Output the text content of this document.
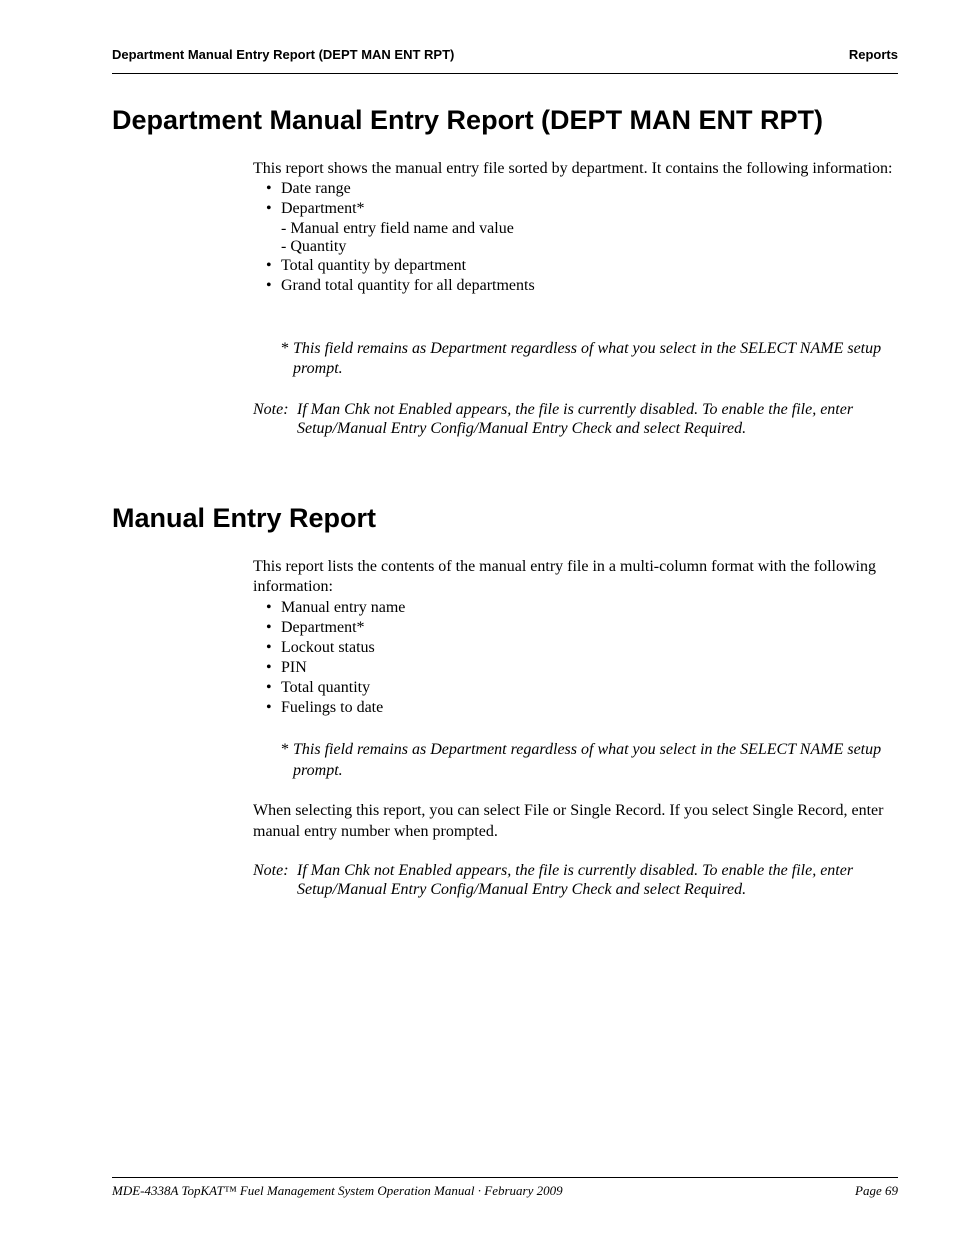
Department Manual Entry Report (DEPT MAN ENT RPT)	Reports
Department Manual Entry Report (DEPT MAN ENT RPT)

This report shows the manual entry file sorted by department. It contains the following information:

• Date range
• Department*
- Manual entry field name and value
- Quantity
• Total quantity by department
• Grand total quantity for all departments
* This field remains as Department regardless of what you select in the SELECT NAME setup prompt.
Note: If Man Chk not Enabled appears, the file is currently disabled. To enable the file, enter Setup/Manual Entry Config/Manual Entry Check and select Required.
Manual Entry Report

This report lists the contents of the manual entry file in a multi-column format with the following information:

• Manual entry name
• Department*
• Lockout status
• PIN
• Total quantity
• Fuelings to date
* This field remains as Department regardless of what you select in the SELECT NAME setup prompt.

When selecting this report, you can select File or Single Record. If you select Single Record, enter manual entry number when prompted.

Note: If Man Chk not Enabled appears, the file is currently disabled. To enable the file, enter Setup/Manual Entry Config/Manual Entry Check and select Required.
MDE-4338A TopKAT™ Fuel Management System Operation Manual · February 2009	Page 69
